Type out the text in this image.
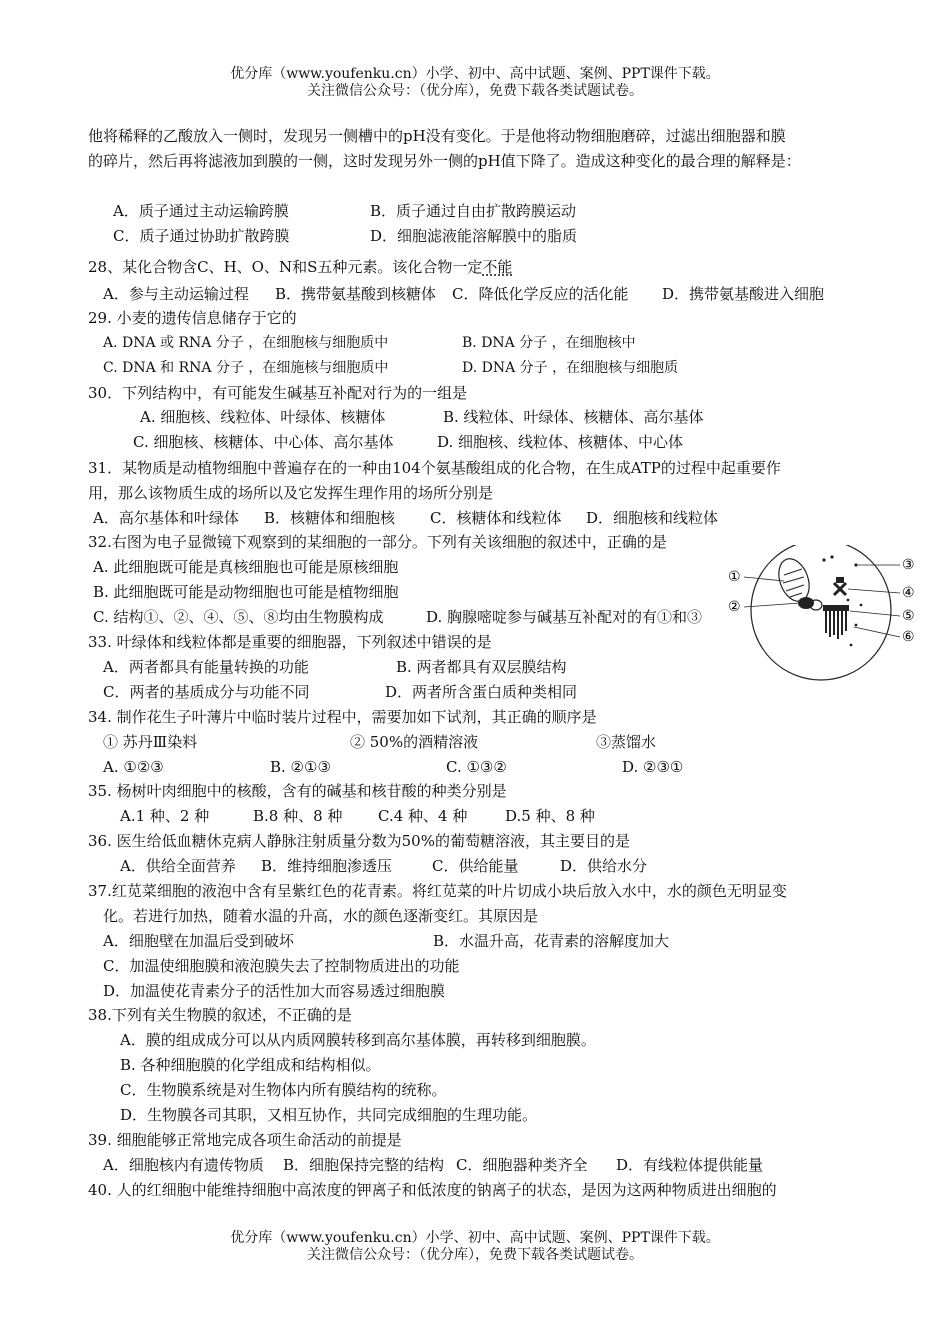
优分库（www.youfenku.cn）小学、初中、高中试题、案例、PPT课件下载。
关注微信公众号：（优分库），免费下载各类试题试卷。
他将稀释的乙酸放入一侧时，发现另一侧槽中的pH没有变化。于是他将动物细胞磨碎，过滤出细胞器和膜
的碎片，然后再将滤液加到膜的一侧，这时发现另外一侧的pH值下降了。造成这种变化的最合理的解释是：
A．质子通过主动运输跨膜	B．质子通过自由扩散跨膜运动
C．质子通过协助扩散跨膜	D．细胞滤液能溶解膜中的脂质
28、某化合物含C、H、O、N和S五种元素。该化合物一定不能
A．参与主动运输过程 B．携带氨基酸到核糖体 C．降低化学反应的活化能 D．携带氨基酸进入细胞
29. 小麦的遗传信息储存于它的
A. DNA 或 RNA 分子 ，在细胞核与细胞质中	B. DNA 分子 ，在细胞核中
C. DNA 和 RNA 分子 ，在细施核与细胞质中	D. DNA 分子 ，在细胞核与细胞质
30．下列结构中，有可能发生碱基互补配对行为的一组是
A. 细胞核、线粒体、叶绿体、核糖体	B. 线粒体、叶绿体、核糖体、高尔基体
C. 细胞核、核糖体、中心体、高尔基体	D. 细胞核、线粒体、核糖体、中心体
31．某物质是动植物细胞中普遍存在的一种由104个氨基酸组成的化合物，在生成ATP的过程中起重要作
用，那么该物质生成的场所以及它发挥生理作用的场所分别是
A．高尔基体和叶绿体 B．核糖体和细胞核 C．核糖体和线粒体 D．细胞核和线粒体
32.右图为电子显微镜下观察到的某细胞的一部分。下列有关该细胞的叙述中，正确的是
A. 此细胞既可能是真核细胞也可能是原核细胞
B. 此细胞既可能是动物细胞也可能是植物细胞
C. 结构①、②、④、⑤、⑧均由生物膜构成	D. 胸腺嘧啶参与碱基互补配对的有①和③
①
②
③
④
⑤
⑥
33. 叶绿体和线粒体都是重要的细胞器，下列叙述中错误的是
A．两者都具有能量转换的功能	B. 两者都具有双层膜结构
C．两者的基质成分与功能不同	D．两者所含蛋白质种类相同
34. 制作花生子叶薄片中临时装片过程中，需要加如下试剂，其正确的顺序是
① 苏丹Ⅲ染料	② 50%的酒精溶液	③蒸馏水
A. ①②③	B. ②①③	C. ①③②	D. ②③①
35. 杨树叶肉细胞中的核酸，含有的碱基和核苷酸的种类分别是
A.1 种、2 种	B.8 种、8 种 C.4 种、4 种	D.5 种、8 种
36. 医生给低血糖休克病人静脉注射质量分数为50%的葡萄糖溶液，其主要目的是
A．供给全面营养 B．维持细胞渗透压	C．供给能量	D．供给水分
37.红苋菜细胞的液泡中含有呈紫红色的花青素。将红苋菜的叶片切成小块后放入水中，水的颜色无明显变
化。若进行加热，随着水温的升高，水的颜色逐渐变红。其原因是
A．细胞壁在加温后受到破坏	B．水温升高，花青素的溶解度加大
C．加温使细胞膜和液泡膜失去了控制物质进出的功能
D．加温使花青素分子的活性加大而容易透过细胞膜
38.下列有关生物膜的叙述，不正确的是
A．膜的组成成分可以从内质网膜转移到高尔基体膜，再转移到细胞膜。
B. 各种细胞膜的化学组成和结构相似。
C．生物膜系统是对生物体内所有膜结构的统称。
D．生物膜各司其职，又相互协作，共同完成细胞的生理功能。
39. 细胞能够正常地完成各项生命活动的前提是
A．细胞核内有遗传物质 B．细胞保持完整的结构 C．细胞器种类齐全 D．有线粒体提供能量
40. 人的红细胞中能维持细胞中高浓度的钾离子和低浓度的钠离子的状态，是因为这两种物质进出细胞的
优分库（www.youfenku.cn）小学、初中、高中试题、案例、PPT课件下载。
关注微信公众号：（优分库），免费下载各类试题试卷。
